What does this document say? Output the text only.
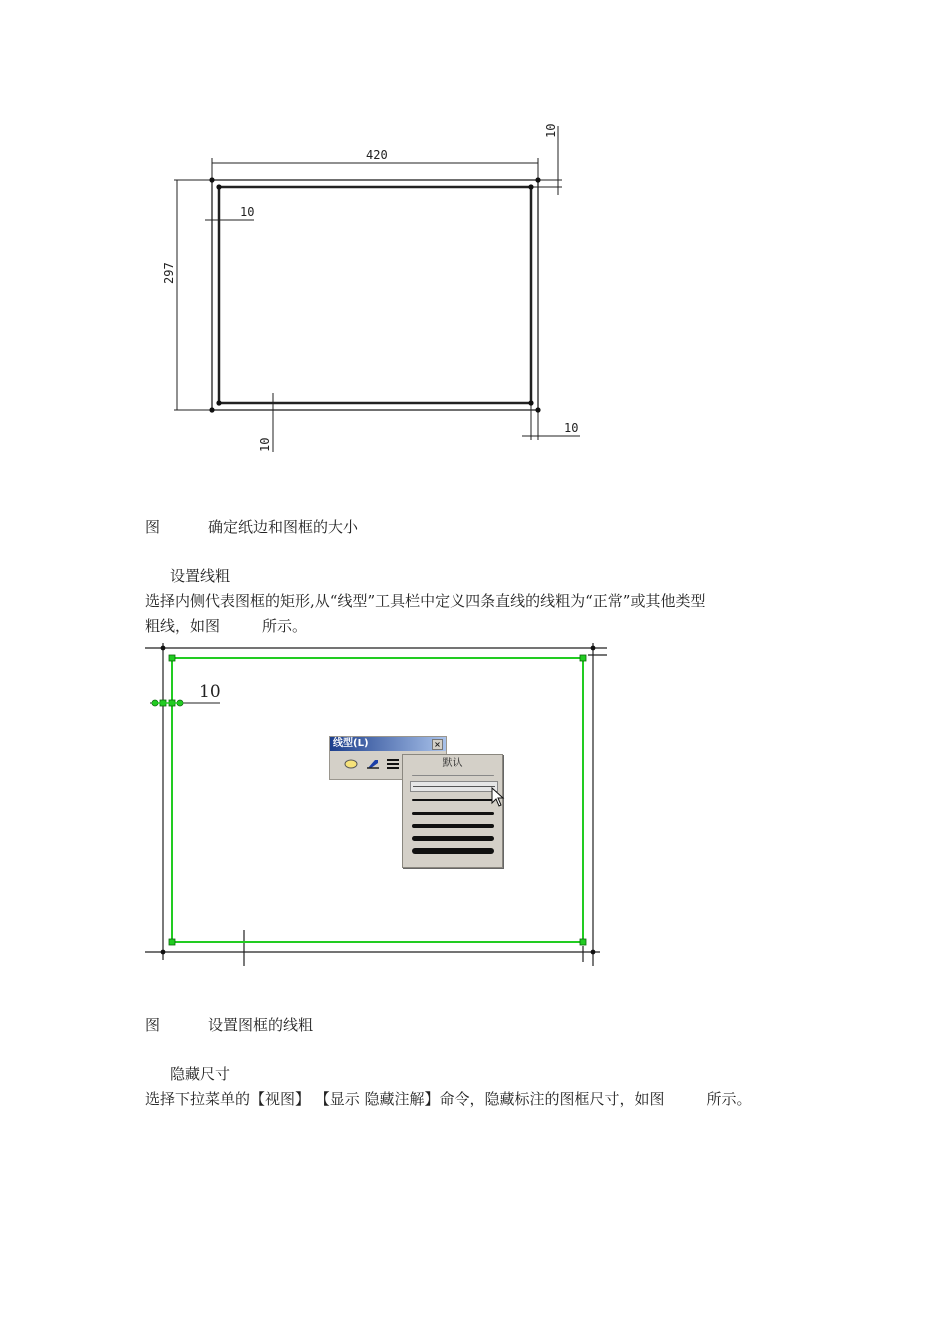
420
297
10
10
10
10
图	确定纸边和图框的大小
设置线粗
选择内侧代表图框的矩形,从“线型”工具栏中定义四条直线的线粗为“正常”或其他类型
粗线，如图	所示。
10
线型(L)	×
默认
图	设置图框的线粗
隐藏尺寸
选择下拉菜单的【视图】 【显示 隐藏注解】命令，隐藏标注的图框尺寸，如图	所示。
